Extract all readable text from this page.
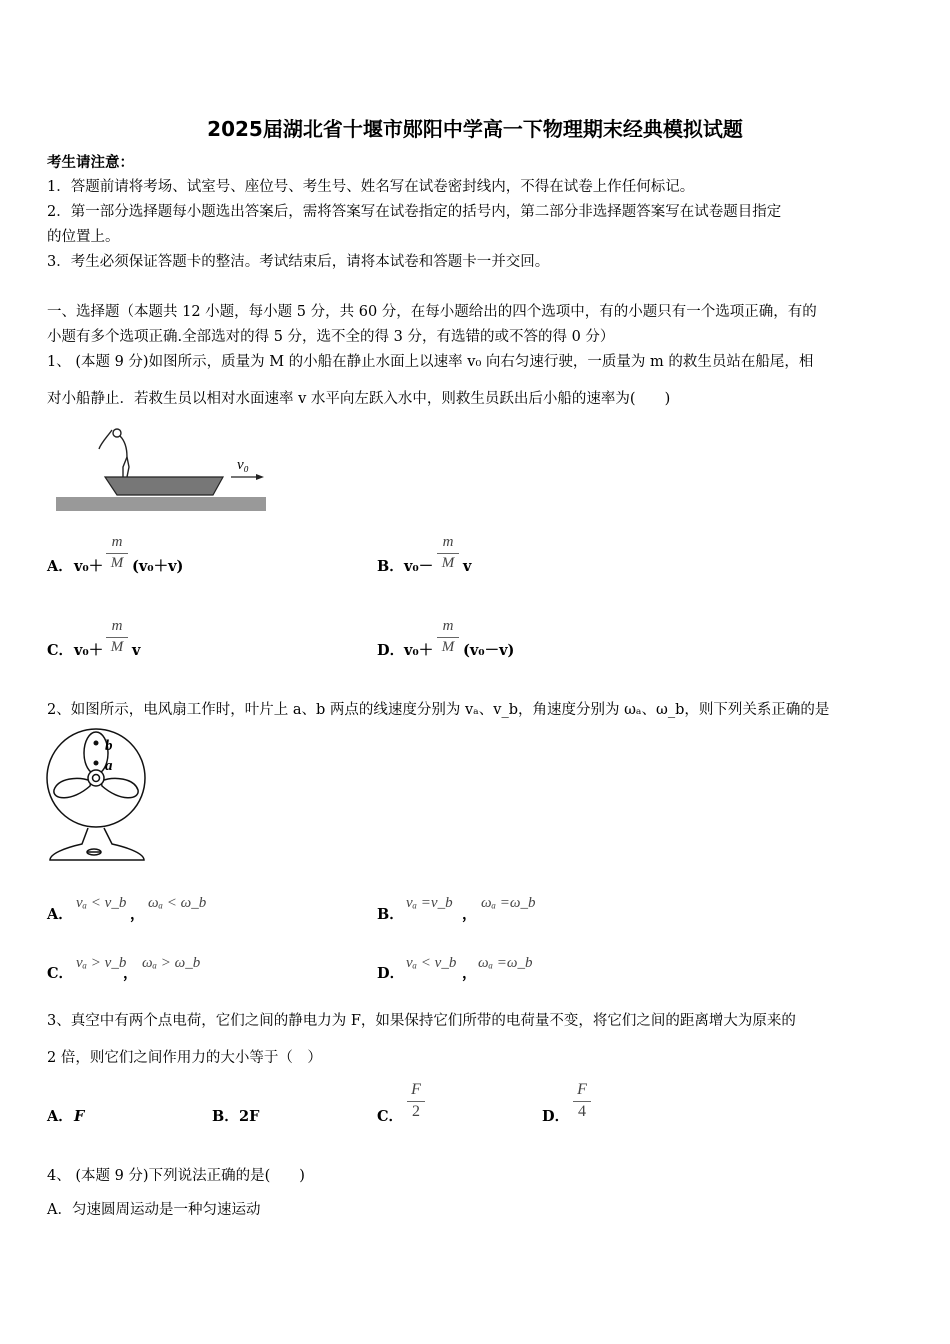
2025届湖北省十堰市郧阳中学高一下物理期末经典模拟试题
考生请注意：
1．答题前请将考场、试室号、座位号、考生号、姓名写在试卷密封线内，不得在试卷上作任何标记。
2．第一部分选择题每小题选出答案后，需将答案写在试卷指定的括号内，第二部分非选择题答案写在试卷题目指定
的位置上。
3．考生必须保证答题卡的整洁。考试结束后，请将本试卷和答题卡一并交回。
一、选择题（本题共 12 小题，每小题 5 分，共 60 分，在每小题给出的四个选项中，有的小题只有一个选项正确，有的
小题有多个选项正确.全部选对的得 5 分，选不全的得 3 分，有选错的或不答的得 0 分）
1、 (本题 9 分)如图所示，质量为 M 的小船在静止水面上以速率 v₀ 向右匀速行驶，一质量为 m 的救生员站在船尾，相
对小船静止．若救生员以相对水面速率 v 水平向左跃入水中，则救生员跃出后小船的速率为(　　)
v₀
A． $v_0+ \frac{m}{M} (v_0+v)$	B． $v_0- \frac{m}{M}$ v
C． $v_0+ \frac{m}{M}$ v	D． $v_0+ \frac{m}{M} (v_0-v)$
2、如图所示，电风扇工作时，叶片上 a、b 两点的线速度分别为 vₐ、v_b，角速度分别为 ωₐ、ω_b，则下列关系正确的是
b
a
A．
vₐ < v_b
，
ωₐ < ω_b
B．
vₐ =v_b
，
ωₐ =ω_b
C．
vₐ > v_b
，
ωₐ > ω_b
D．
vₐ < v_b
，
ωₐ =ω_b
3、真空中有两个点电荷，它们之间的静电力为 F，如果保持它们所带的电荷量不变，将它们之间的距离增大为原来的
2 倍，则它们之间作用力的大小等于（　）
A． F	B． 2F	C． $\frac{F}{2}$	D． $\frac{F}{4}$
4、 (本题 9 分)下列说法正确的是(　　)
A．匀速圆周运动是一种匀速运动
